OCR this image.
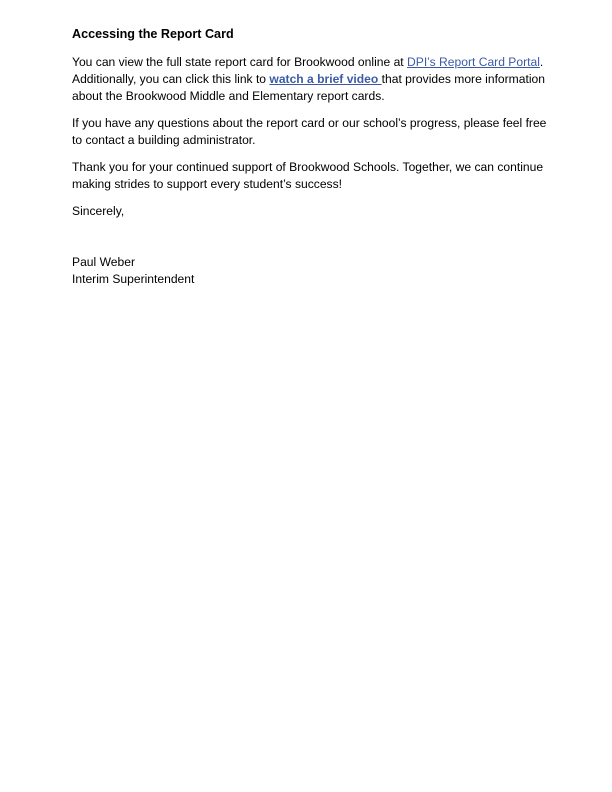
Accessing the Report Card

You can view the full state report card for Brookwood online at DPI’s Report Card Portal. Additionally, you can click this link to watch a brief video that provides more information about the Brookwood Middle and Elementary report cards.

If you have any questions about the report card or our school’s progress, please feel free to contact a building administrator.

Thank you for your continued support of Brookwood Schools. Together, we can continue making strides to support every student’s success!

Sincerely,

Paul Weber
Interim Superintendent
